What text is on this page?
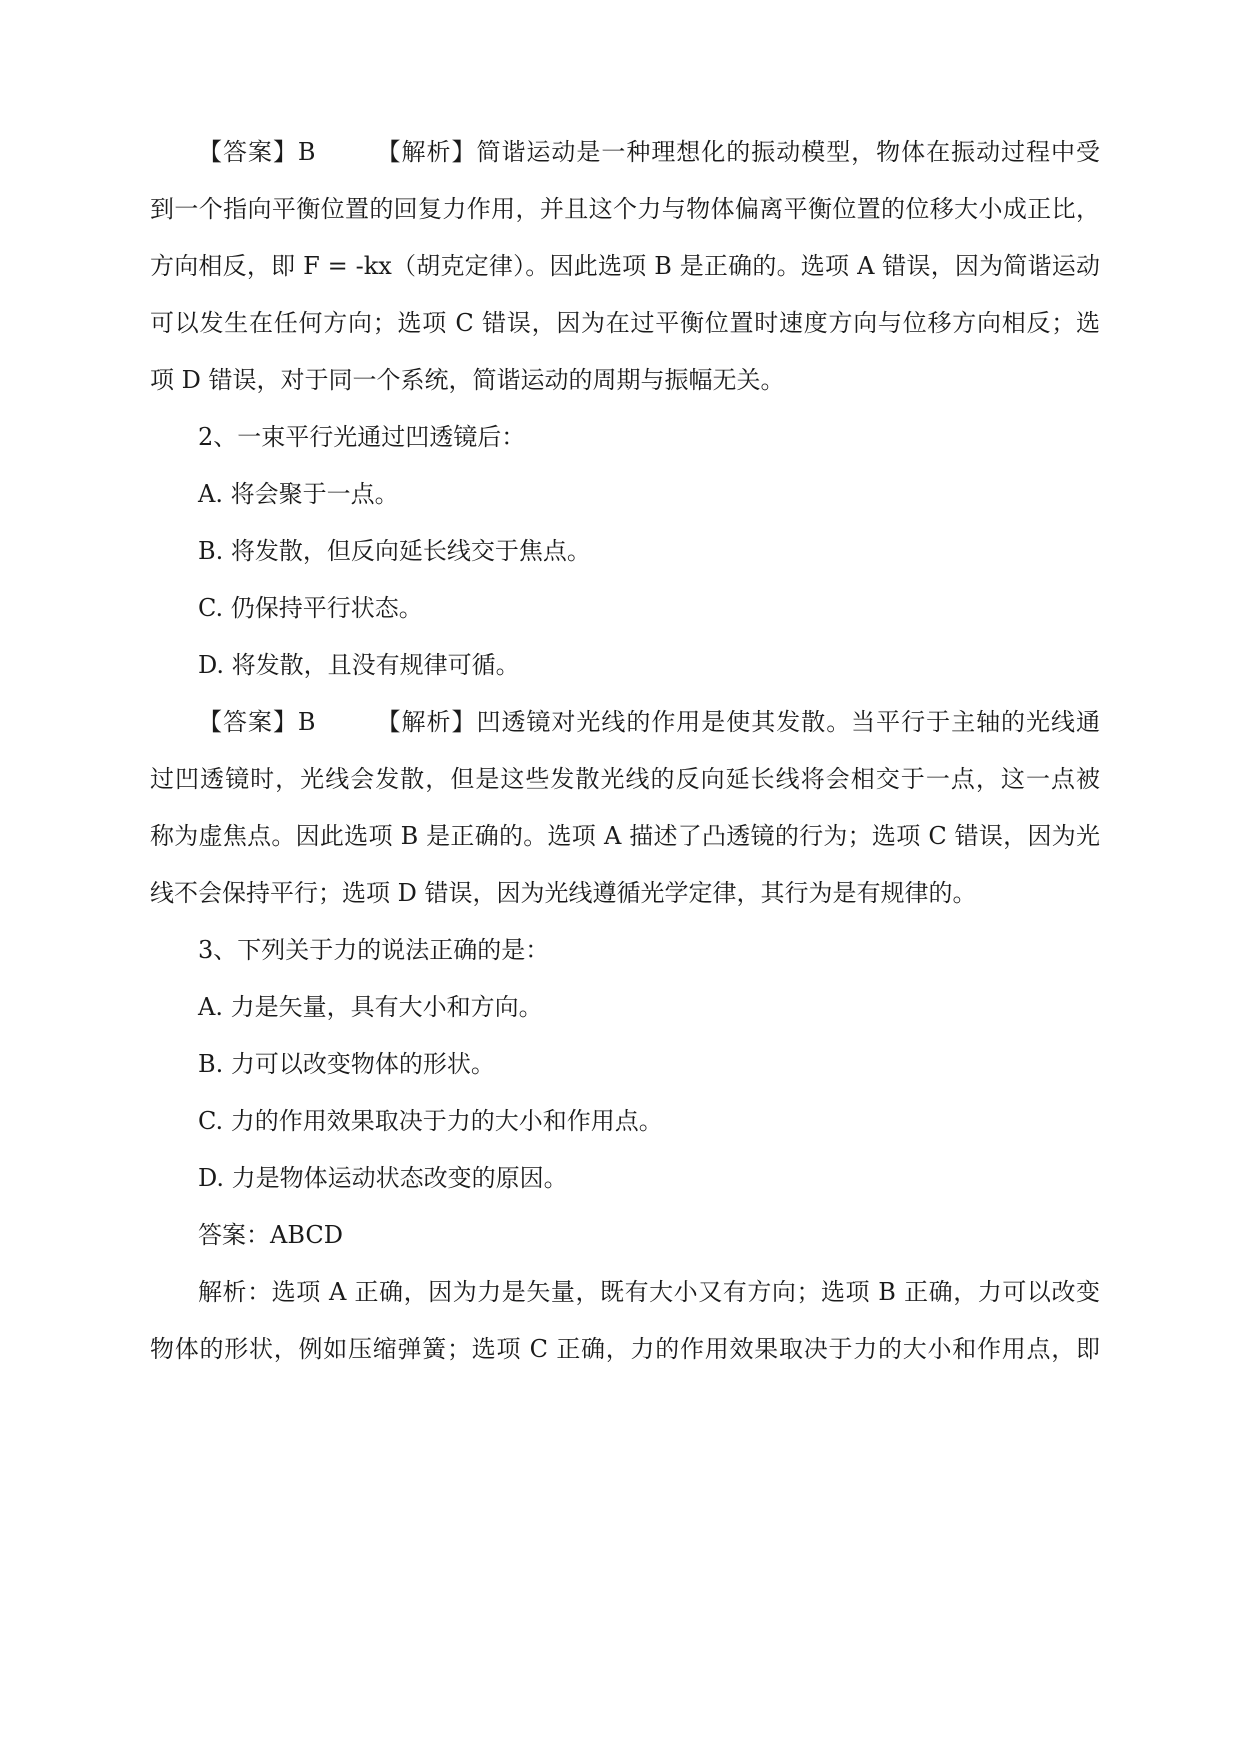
【答案】B	【解析】简谐运动是一种理想化的振动模型，物体在振动过程中受
到一个指向平衡位置的回复力作用，并且这个力与物体偏离平衡位置的位移大小成正比，
方向相反，即 F = -kx（胡克定律）。因此选项 B 是正确的。选项 A 错误，因为简谐运动
可以发生在任何方向；选项 C 错误，因为在过平衡位置时速度方向与位移方向相反；选
项 D 错误，对于同一个系统，简谐运动的周期与振幅无关。
2、一束平行光通过凹透镜后：
A. 将会聚于一点。
B. 将发散，但反向延长线交于焦点。
C. 仍保持平行状态。
D. 将发散，且没有规律可循。
【答案】B	【解析】凹透镜对光线的作用是使其发散。当平行于主轴的光线通
过凹透镜时，光线会发散，但是这些发散光线的反向延长线将会相交于一点，这一点被
称为虚焦点。因此选项 B 是正确的。选项 A 描述了凸透镜的行为；选项 C 错误，因为光
线不会保持平行；选项 D 错误，因为光线遵循光学定律，其行为是有规律的。
3、下列关于力的说法正确的是：
A. 力是矢量，具有大小和方向。
B. 力可以改变物体的形状。
C. 力的作用效果取决于力的大小和作用点。
D. 力是物体运动状态改变的原因。
答案：ABCD
解析：选项 A 正确，因为力是矢量，既有大小又有方向；选项 B 正确，力可以改变
物体的形状，例如压缩弹簧；选项 C 正确，力的作用效果取决于力的大小和作用点，即
